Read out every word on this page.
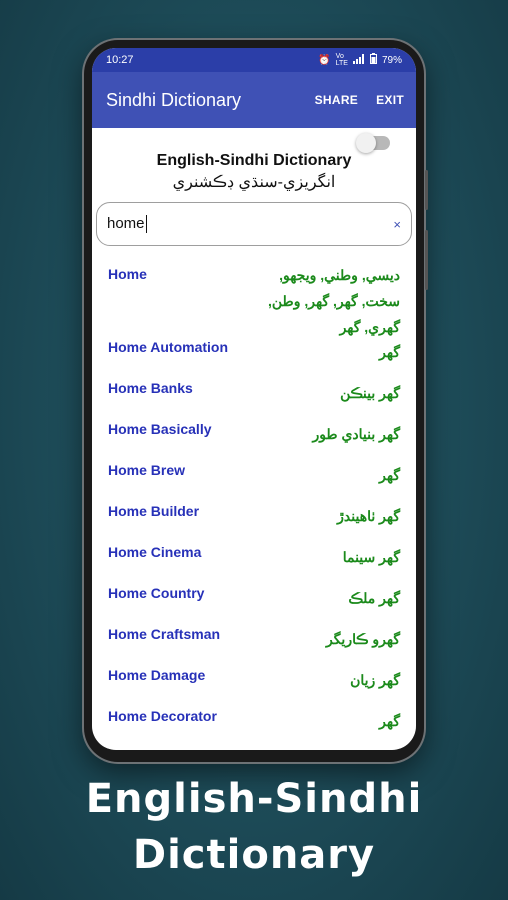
10:27	⏰ Vo
LTE	79%
Sindhi Dictionary	SHARE EXIT
English-Sindhi Dictionary
انگريزي-سنڌي ڊڪشنري
home	×
Home	ديسي, وطني, ويجهو, سخت, گهر, گهر, وطن, گهري, گهر
Home Automation	گهر
Home Banks	گهر بينڪن
Home Basically	گهر بنيادي طور
Home Brew	گهر
Home Builder	گهر ٺاهيندڙ
Home Cinema	گهر سينما
Home Country	گهر ملڪ
Home Craftsman	گهرو ڪاريگر
Home Damage	گهر زيان
Home Decorator	گهر
English-Sindhi
Dictionary
